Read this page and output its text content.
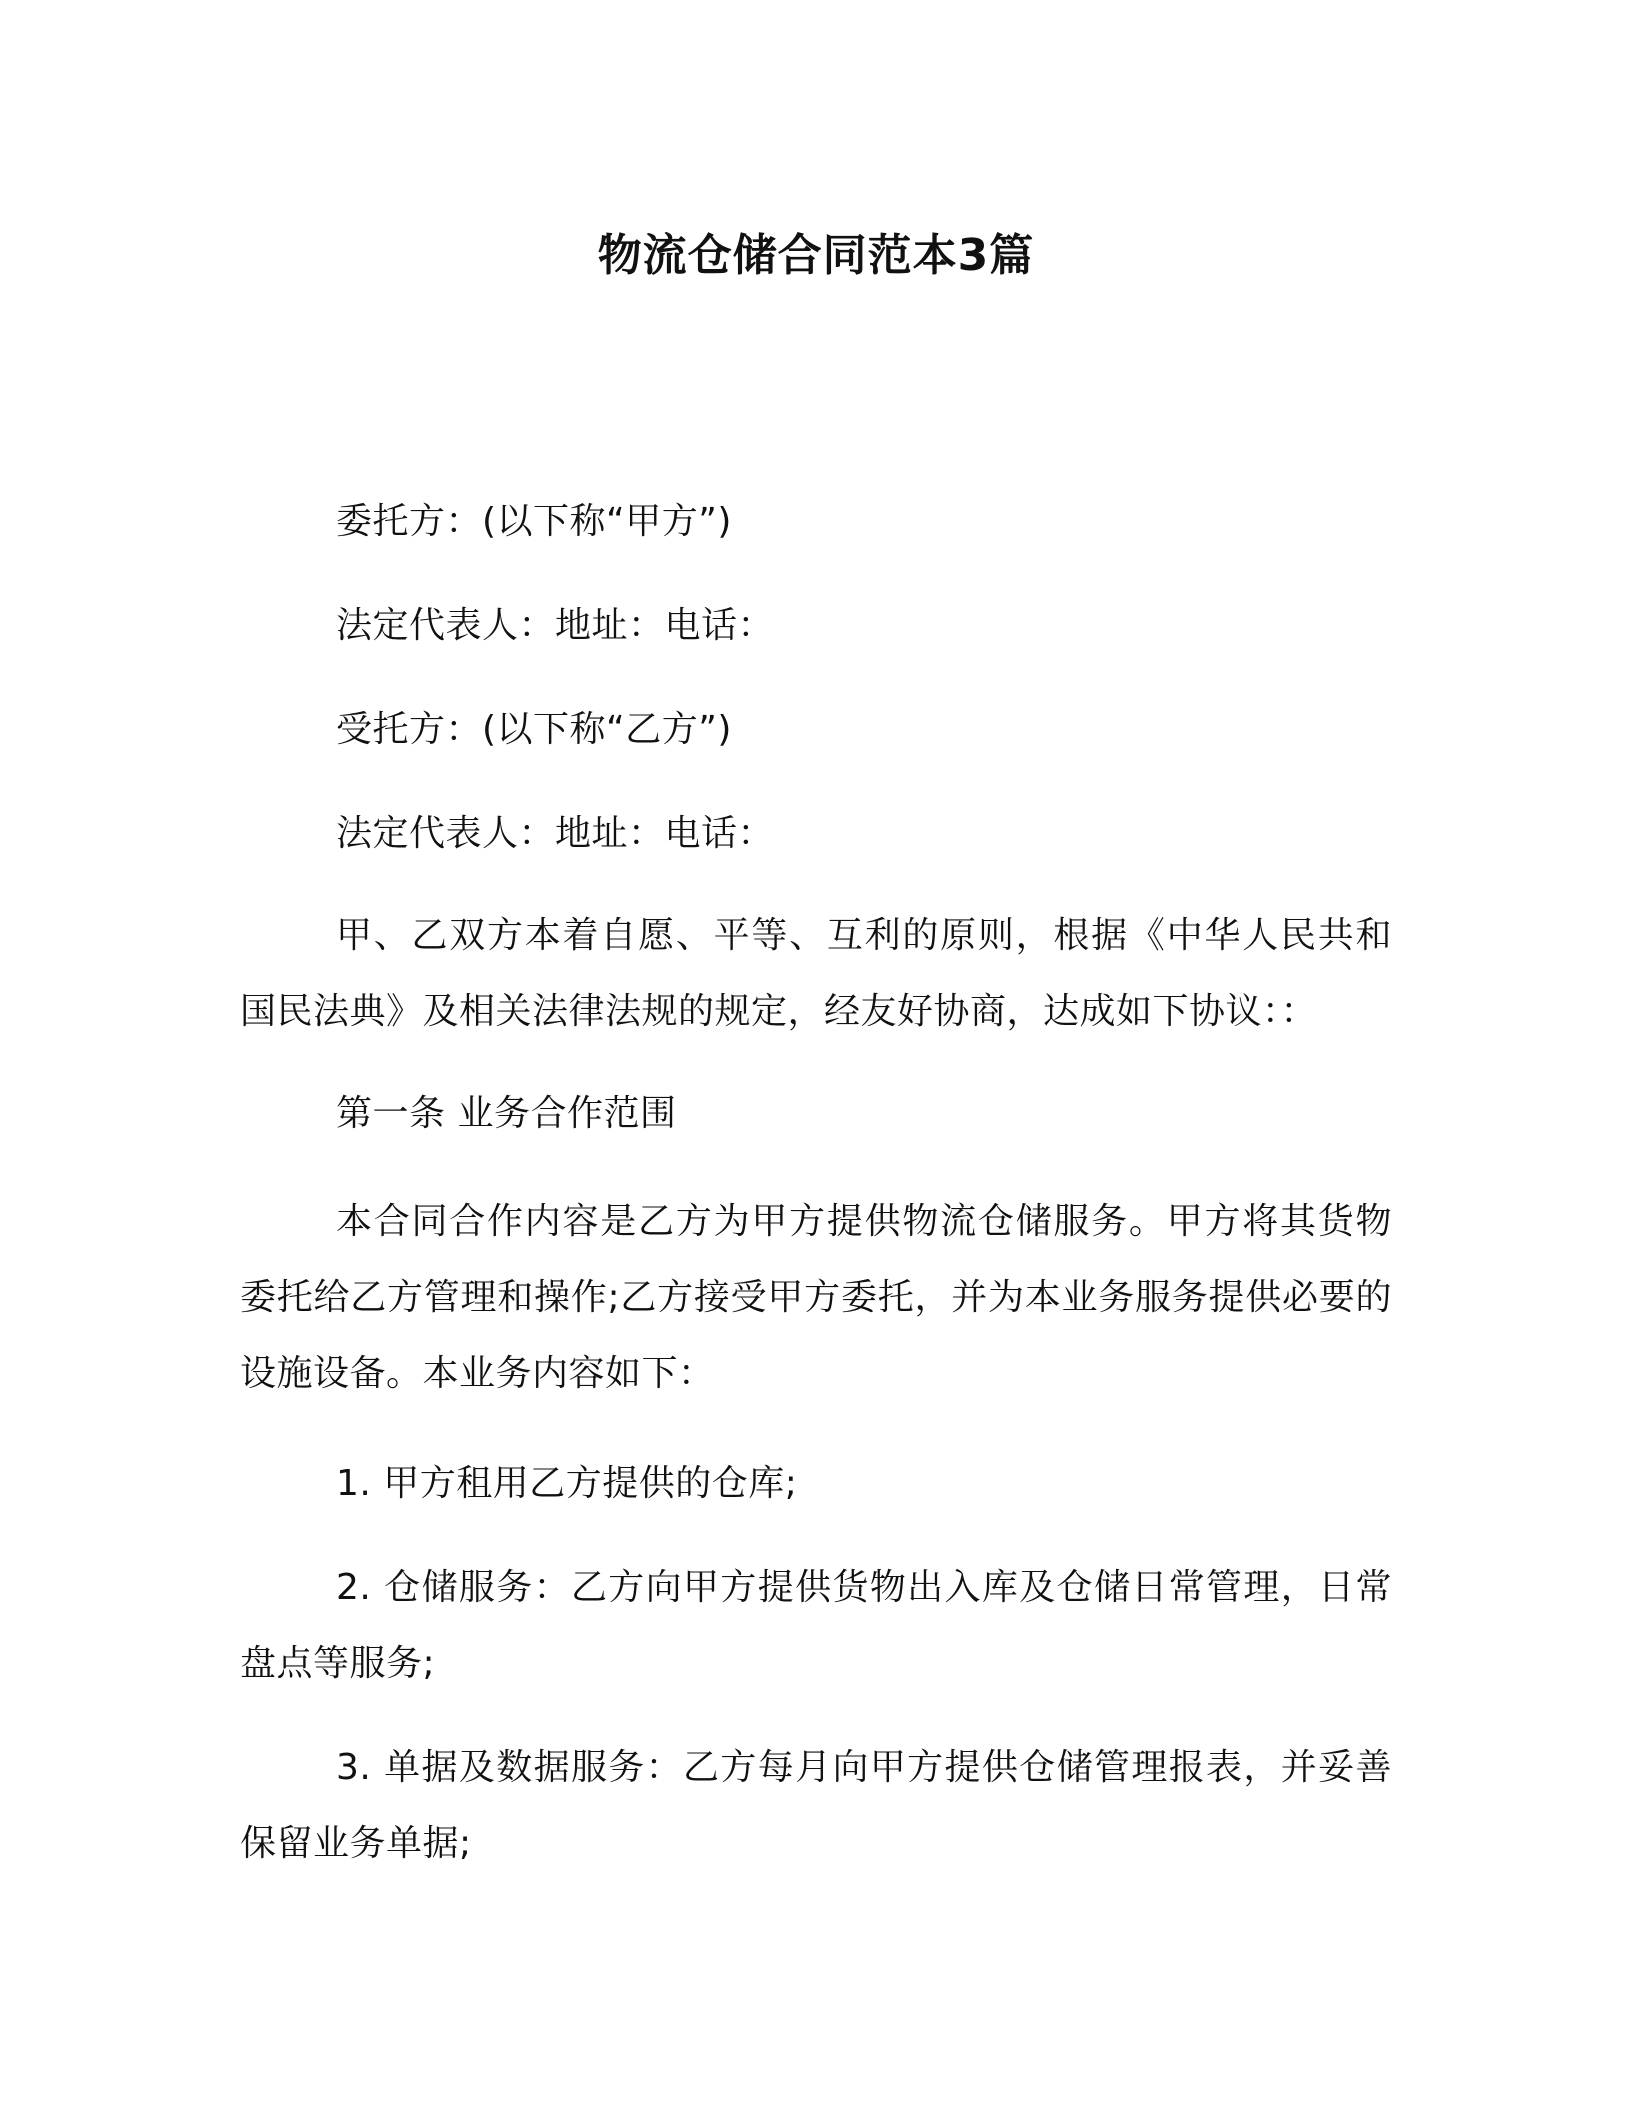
物流仓储合同范本3篇

委托方：(以下称“甲方”)

法定代表人：地址：电话：

受托方：(以下称“乙方”)

法定代表人：地址：电话：

甲、乙双方本着自愿、平等、互利的原则，根据《中华人民共和国民法典》及相关法律法规的规定，经友好协商，达成如下协议：：

第一条 业务合作范围

本合同合作内容是乙方为甲方提供物流仓储服务。甲方将其货物委托给乙方管理和操作;乙方接受甲方委托，并为本业务服务提供必要的设施设备。本业务内容如下：

1. 甲方租用乙方提供的仓库;

2. 仓储服务：乙方向甲方提供货物出入库及仓储日常管理，日常盘点等服务;

3. 单据及数据服务：乙方每月向甲方提供仓储管理报表，并妥善保留业务单据;
